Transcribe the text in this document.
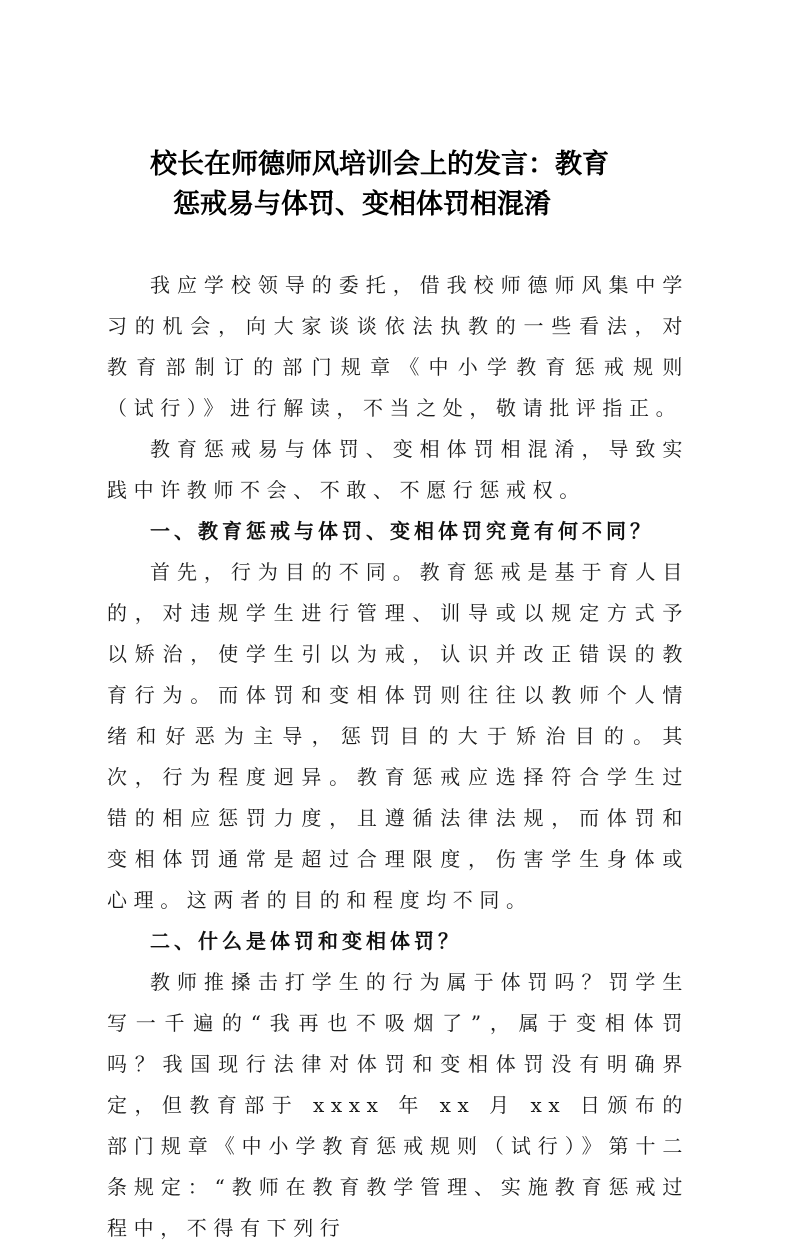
校长在师德师风培训会上的发言：教育
惩戒易与体罚、变相体罚相混淆

我应学校领导的委托，借我校师德师风集中学习的机会，向大家谈谈依法执教的一些看法，对教育部制订的部门规章《中小学教育惩戒规则（试行）》进行解读，不当之处，敬请批评指正。

教育惩戒易与体罚、变相体罚相混淆，导致实践中许教师不会、不敢、不愿行惩戒权。

一、教育惩戒与体罚、变相体罚究竟有何不同？

首先，行为目的不同。教育惩戒是基于育人目的，对违规学生进行管理、训导或以规定方式予以矫治，使学生引以为戒，认识并改正错误的教育行为。而体罚和变相体罚则往往以教师个人情绪和好恶为主导，惩罚目的大于矫治目的。其次，行为程度迥异。教育惩戒应选择符合学生过错的相应惩罚力度，且遵循法律法规，而体罚和变相体罚通常是超过合理限度，伤害学生身体或心理。这两者的目的和程度均不同。

二、什么是体罚和变相体罚？

教师推搡击打学生的行为属于体罚吗？罚学生写一千遍的“我再也不吸烟了”，属于变相体罚吗？我国现行法律对体罚和变相体罚没有明确界定，但教育部于 xxxx 年 xx 月 xx 日颁布的部门规章《中小学教育惩戒规则（试行）》第十二条规定：“教师在教育教学管理、实施教育惩戒过程中，不得有下列行
